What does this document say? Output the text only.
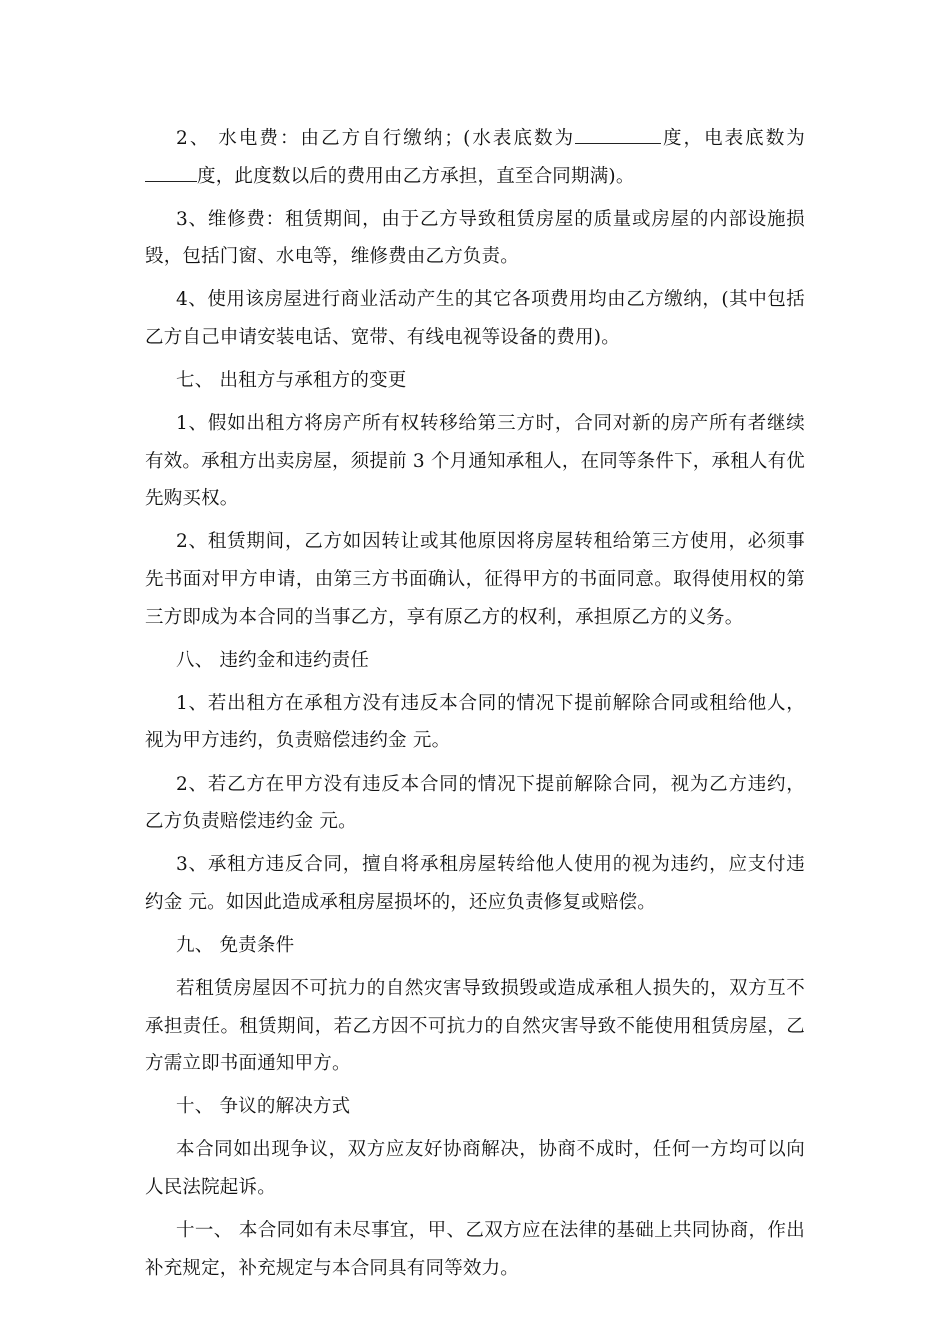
2、 水电费：由乙方自行缴纳；(水表底数为	度，电表底数为度，此度数以后的费用由乙方承担，直至合同期满)。

3、维修费：租赁期间，由于乙方导致租赁房屋的质量或房屋的内部设施损毁，包括门窗、水电等，维修费由乙方负责。

4、使用该房屋进行商业活动产生的其它各项费用均由乙方缴纳，(其中包括乙方自己申请安装电话、宽带、有线电视等设备的费用)。

七、 出租方与承租方的变更

1、假如出租方将房产所有权转移给第三方时，合同对新的房产所有者继续有效。承租方出卖房屋，须提前 3 个月通知承租人，在同等条件下，承租人有优先购买权。

2、租赁期间，乙方如因转让或其他原因将房屋转租给第三方使用，必须事先书面对甲方申请，由第三方书面确认，征得甲方的书面同意。取得使用权的第三方即成为本合同的当事乙方，享有原乙方的权利，承担原乙方的义务。

八、 违约金和违约责任

1、若出租方在承租方没有违反本合同的情况下提前解除合同或租给他人，视为甲方违约，负责赔偿违约金 元。

2、若乙方在甲方没有违反本合同的情况下提前解除合同，视为乙方违约，乙方负责赔偿违约金 元。

3、承租方违反合同，擅自将承租房屋转给他人使用的视为违约，应支付违约金 元。如因此造成承租房屋损坏的，还应负责修复或赔偿。

九、 免责条件

若租赁房屋因不可抗力的自然灾害导致损毁或造成承租人损失的，双方互不承担责任。租赁期间，若乙方因不可抗力的自然灾害导致不能使用租赁房屋，乙方需立即书面通知甲方。

十、 争议的解决方式

本合同如出现争议，双方应友好协商解决，协商不成时，任何一方均可以向人民法院起诉。

十一、 本合同如有未尽事宜，甲、乙双方应在法律的基础上共同协商，作出补充规定，补充规定与本合同具有同等效力。
